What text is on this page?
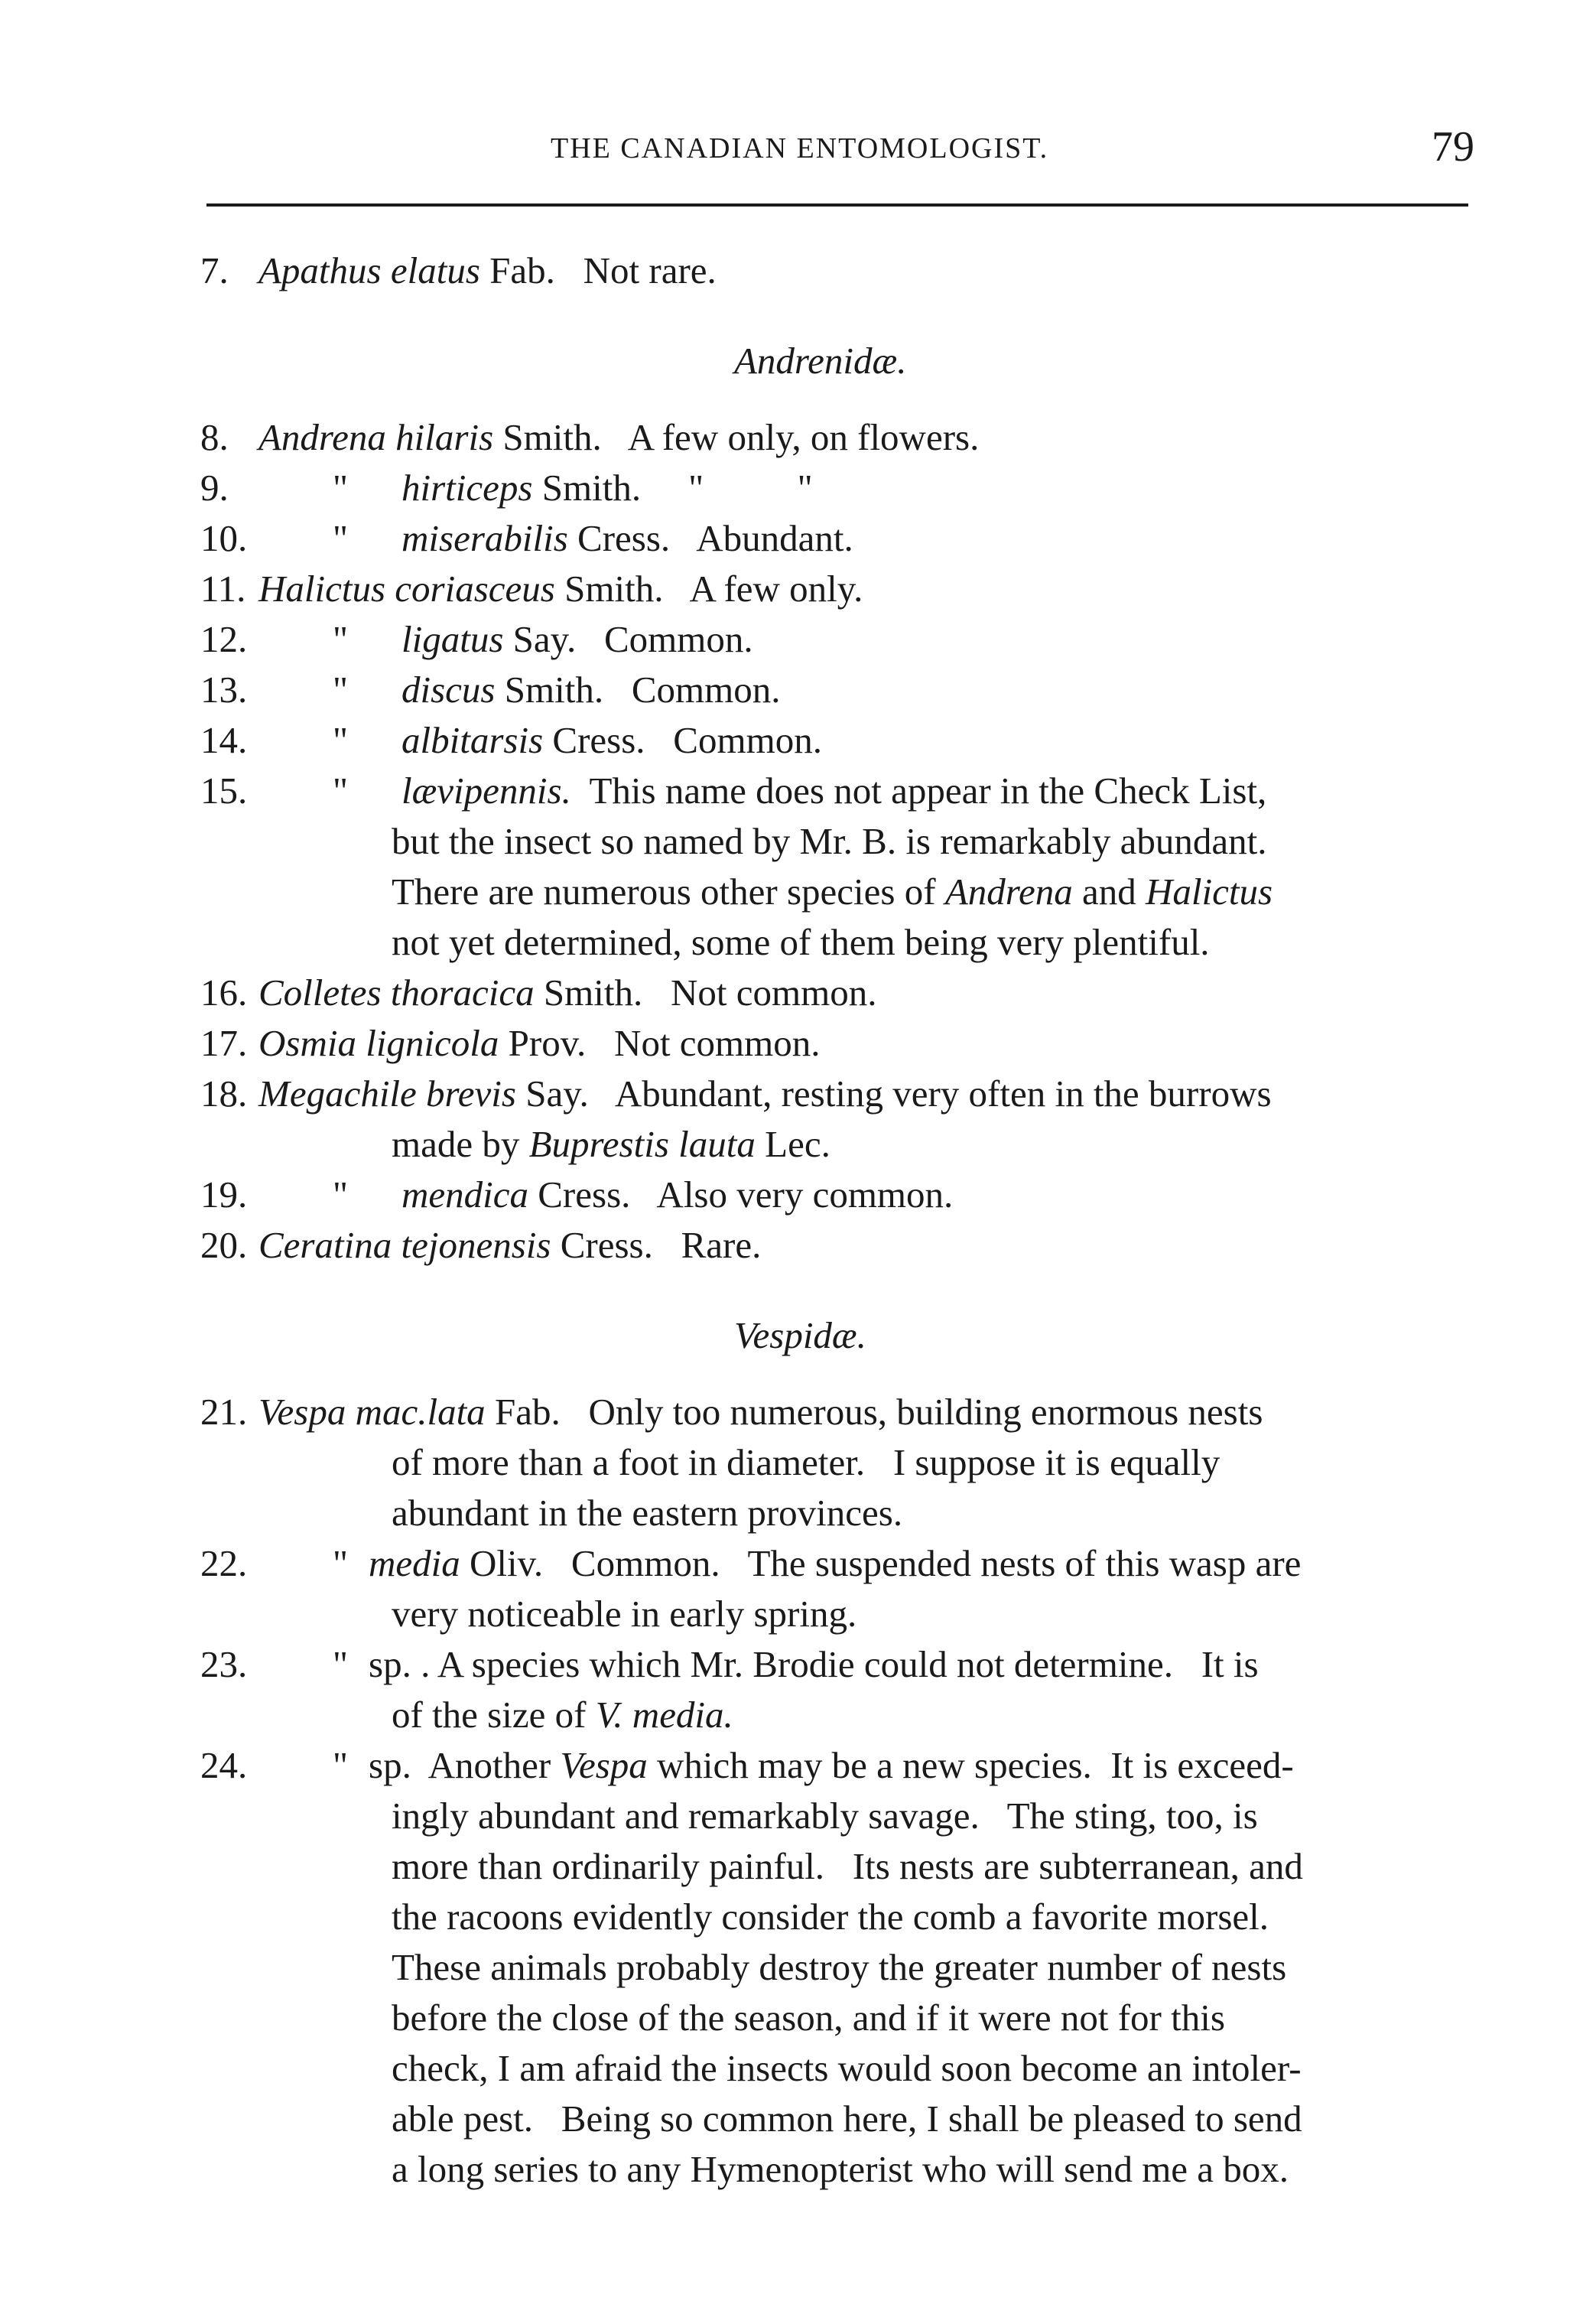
THE CANADIAN ENTOMOLOGIST.	79
7. Apathus elatus Fab.   Not rare.
Andrenidæ.
8. Andrena hilaris Smith.   A few only, on flowers.
9.	"	hirticeps Smith. "          "
10.	"	miserabilis Cress.   Abundant.
11. Halictus coriasceus Smith.   A few only.
12.	"	ligatus Say.   Common.
13.	"	discus Smith.   Common.
14.	"	albitarsis Cress.   Common.
15.	"	lævipennis.  This name does not appear in the Check List,
but the insect so named by Mr. B. is remarkably abundant.
There are numerous other species of Andrena and Halictus
not yet determined, some of them being very plentiful.
16. Colletes thoracica Smith.   Not common.
17. Osmia lignicola Prov.   Not common.
18. Megachile brevis Say.   Abundant, resting very often in the burrows
made by Buprestis lauta Lec.
19.	"	mendica Cress.   Also very common.
20. Ceratina tejonensis Cress.   Rare.
Vespidæ.
21. Vespa mac.lata Fab.   Only too numerous, building enormous nests
of more than a foot in diameter.   I suppose it is equally
abundant in the eastern provinces.
22.	" media Oliv.   Common.   The suspended nests of this wasp are
very noticeable in early spring.
23.	" sp. . A species which Mr. Brodie could not determine.   It is
of the size of V. media.
24.	" sp.  Another Vespa which may be a new species.  It is exceed-
ingly abundant and remarkably savage.   The sting, too, is
more than ordinarily painful.   Its nests are subterranean, and
the racoons evidently consider the comb a favorite morsel.
These animals probably destroy the greater number of nests
before the close of the season, and if it were not for this
check, I am afraid the insects would soon become an intoler-
able pest.   Being so common here, I shall be pleased to send
a long series to any Hymenopterist who will send me a box.
